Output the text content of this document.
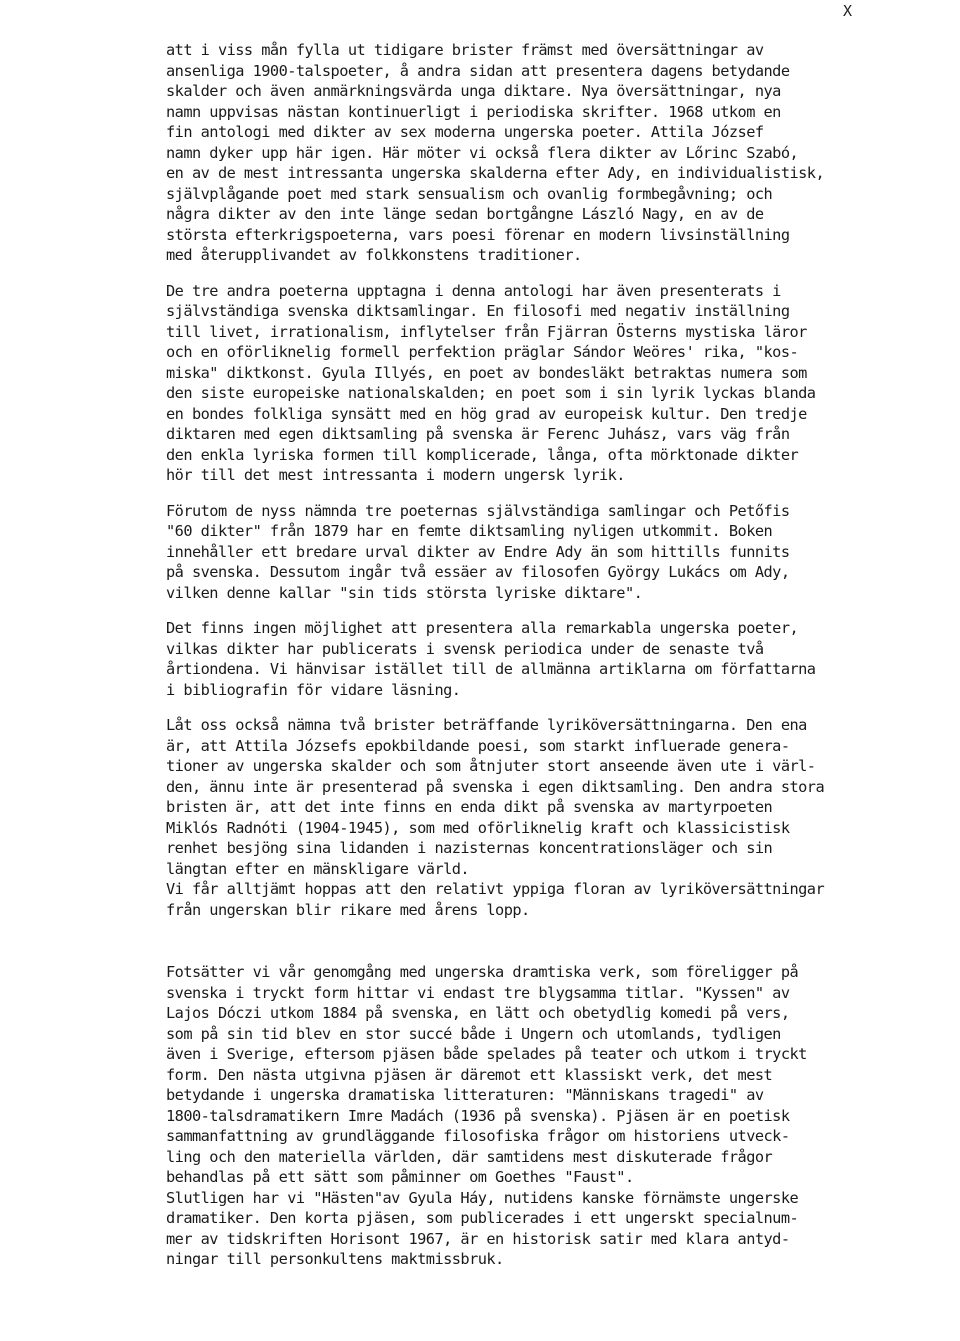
X
att i viss mån fylla ut tidigare brister främst med översättningar av
ansenliga 1900-talspoeter, å andra sidan att presentera dagens betydande
skalder och även anmärkningsvärda unga diktare. Nya översättningar, nya
namn uppvisas nästan kontinuerligt i periodiska skrifter. 1968 utkom en
fin antologi med dikter av sex moderna ungerska poeter. Attila József
namn dyker upp här igen. Här möter vi också flera dikter av Lőrinc Szabó,
en av de mest intressanta ungerska skalderna efter Ady, en individualistisk,
självplågande poet med stark sensualism och ovanlig formbegåvning; och
några dikter av den inte länge sedan bortgångne László Nagy, en av de
största efterkrigspoeterna, vars poesi förenar en modern livsinställning
med återupplivandet av folkkonstens traditioner.
De tre andra poeterna upptagna i denna antologi har även presenterats i
självständiga svenska diktsamlingar. En filosofi med negativ inställning
till livet, irrationalism, inflytelser från Fjärran Österns mystiska läror
och en oförliknelig formell perfektion präglar Sándor Weöres' rika, "kos-
miska" diktkonst. Gyula Illyés, en poet av bondesläkt betraktas numera som
den siste europeiske nationalskalden; en poet som i sin lyrik lyckas blanda
en bondes folkliga synsätt med en hög grad av europeisk kultur. Den tredje
diktaren med egen diktsamling på svenska är Ferenc Juhász, vars väg från
den enkla lyriska formen till komplicerade, långa, ofta mörktonade dikter
hör till det mest intressanta i modern ungersk lyrik.
Förutom de nyss nämnda tre poeternas självständiga samlingar och Petőfis
"60 dikter" från 1879 har en femte diktsamling nyligen utkommit. Boken
innehåller ett bredare urval dikter av Endre Ady än som hittills funnits
på svenska. Dessutom ingår två essäer av filosofen György Lukács om Ady,
vilken denne kallar "sin tids största lyriske diktare".
Det finns ingen möjlighet att presentera alla remarkabla ungerska poeter,
vilkas dikter har publicerats i svensk periodica under de senaste två
årtiondena. Vi hänvisar istället till de allmänna artiklarna om författarna
i bibliografin för vidare läsning.
Låt oss också nämna två brister beträffande lyriköversättningarna. Den ena
är, att Attila Józsefs epokbildande poesi, som starkt influerade genera-
tioner av ungerska skalder och som åtnjuter stort anseende även ute i värl-
den, ännu inte är presenterad på svenska i egen diktsamling. Den andra stora
bristen är, att det inte finns en enda dikt på svenska av martyrpoeten
Miklós Radnóti (1904-1945), som med oförliknelig kraft och klassicistisk
renhet besjöng sina lidanden i nazisternas koncentrationsläger och sin
längtan efter en mänskligare värld.
Vi får alltjämt hoppas att den relativt yppiga floran av lyriköversättningar
från ungerskan blir rikare med årens lopp.
Fotsätter vi vår genomgång med ungerska dramtiska verk, som föreligger på
svenska i tryckt form hittar vi endast tre blygsamma titlar. "Kyssen" av
Lajos Dóczi utkom 1884 på svenska, en lätt och obetydlig komedi på vers,
som på sin tid blev en stor succé både i Ungern och utomlands, tydligen
även i Sverige, eftersom pjäsen både spelades på teater och utkom i tryckt
form. Den nästa utgivna pjäsen är däremot ett klassiskt verk, det mest
betydande i ungerska dramatiska litteraturen: "Människans tragedi" av
1800-talsdramatikern Imre Madách (1936 på svenska). Pjäsen är en poetisk
sammanfattning av grundläggande filosofiska frågor om historiens utveck-
ling och den materiella världen, där samtidens mest diskuterade frågor
behandlas på ett sätt som påminner om Goethes "Faust".
Slutligen har vi "Hästen"av Gyula Háy, nutidens kanske förnämste ungerske
dramatiker. Den korta pjäsen, som publicerades i ett ungerskt specialnum-
mer av tidskriften Horisont 1967, är en historisk satir med klara antyd-
ningar till personkultens maktmissbruk.
